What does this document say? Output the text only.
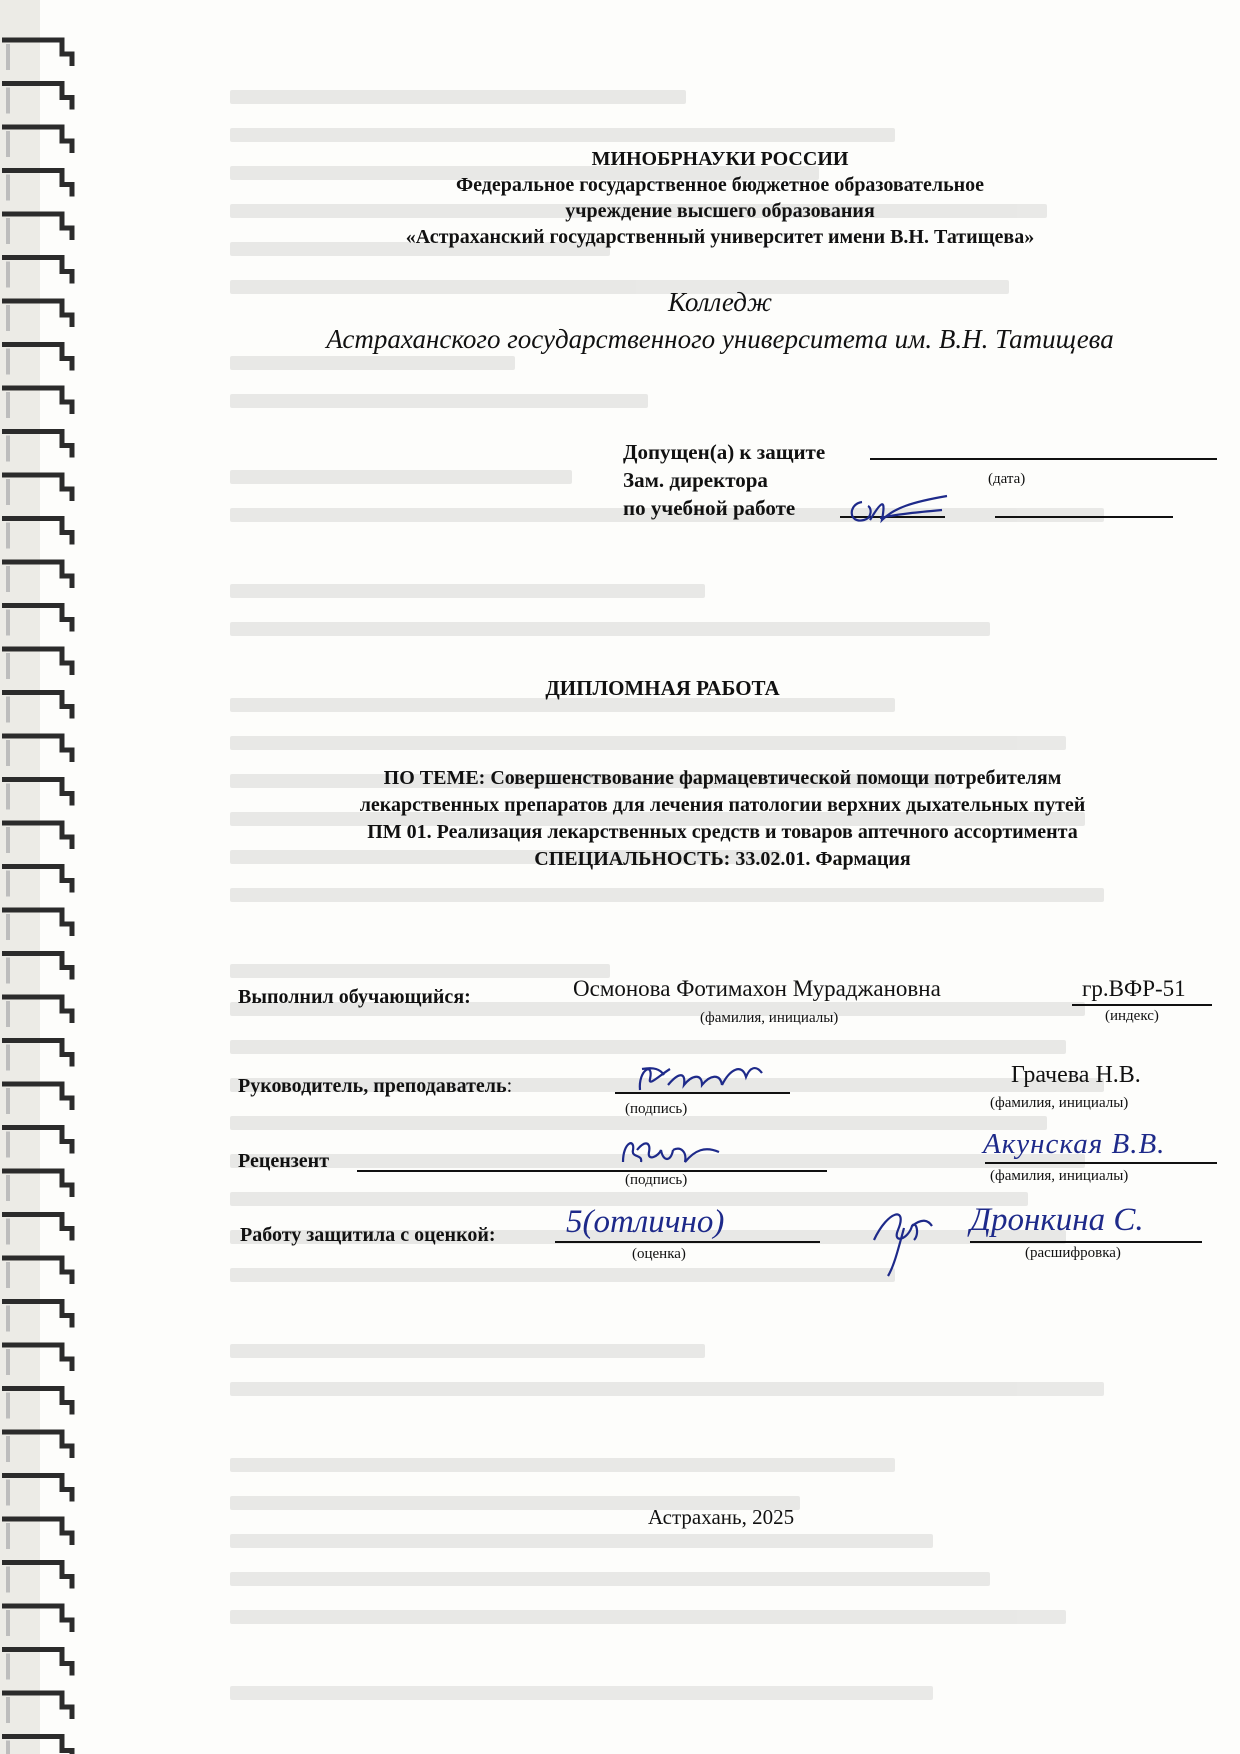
МИНОБРНАУКИ РОССИИ
Федеральное государственное бюджетное образовательное
учреждение высшего образования
«Астраханский государственный университет имени В.Н. Татищева»
Колледж
Астраханского государственного университета им. В.Н. Татищева
Допущен(а) к защите
(дата)
Зам. директора
по учебной работе
ДИПЛОМНАЯ РАБОТА
ПО ТЕМЕ: Совершенствование фармацевтической помощи потребителям
лекарственных препаратов для лечения патологии верхних дыхательных путей
ПМ 01. Реализация лекарственных средств и товаров аптечного ассортимента
СПЕЦИАЛЬНОСТЬ: 33.02.01. Фармация
Выполнил обучающийся:	Осмонова Фотимахон Мураджановна
(фамилия, инициалы)
гр.ВФР-51
(индекс)
Руководитель, преподаватель:
(подпись)
Грачева Н.В.
(фамилия, инициалы)
Рецензент
(подпись)
Акунская В.В.
(фамилия, инициалы)
Работу защитила с оценкой: 5(отлично)
(оценка)
Дронкина С.
(расшифровка)
Астрахань, 2025
